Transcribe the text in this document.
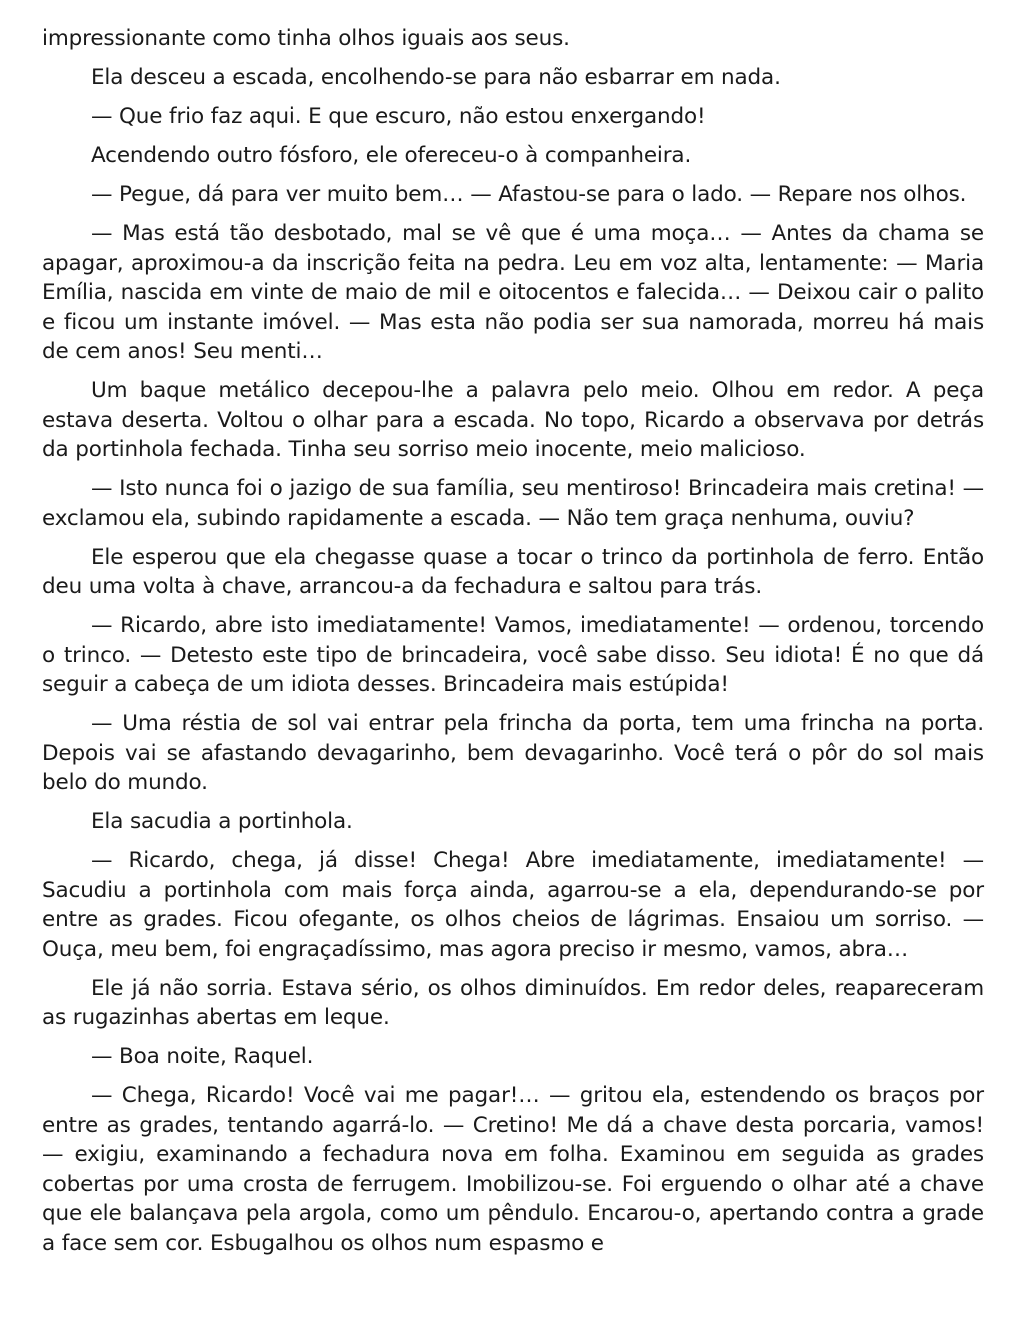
impressionante como tinha olhos iguais aos seus.

Ela desceu a escada, encolhendo-se para não esbarrar em nada.

— Que frio faz aqui. E que escuro, não estou enxergando!

Acendendo outro fósforo, ele ofereceu-o à companheira.

— Pegue, dá para ver muito bem… — Afastou-se para o lado. — Repare nos olhos.

— Mas está tão desbotado, mal se vê que é uma moça… — Antes da chama se apagar, aproximou-a da inscrição feita na pedra. Leu em voz alta, lentamente: — Maria Emília, nascida em vinte de maio de mil e oitocentos e falecida… — Deixou cair o palito e ficou um instante imóvel. — Mas esta não podia ser sua namorada, morreu há mais de cem anos! Seu menti…

Um baque metálico decepou-lhe a palavra pelo meio. Olhou em redor. A peça estava deserta. Voltou o olhar para a escada. No topo, Ricardo a observava por detrás da portinhola fechada. Tinha seu sorriso meio inocente, meio malicioso.

— Isto nunca foi o jazigo de sua família, seu mentiroso! Brincadeira mais cretina! — exclamou ela, subindo rapidamente a escada. — Não tem graça nenhuma, ouviu?

Ele esperou que ela chegasse quase a tocar o trinco da portinhola de ferro. Então deu uma volta à chave, arrancou-a da fechadura e saltou para trás.

— Ricardo, abre isto imediatamente! Vamos, imediatamente! — ordenou, torcendo o trinco. — Detesto este tipo de brincadeira, você sabe disso. Seu idiota! É no que dá seguir a cabeça de um idiota desses. Brincadeira mais estúpida!

— Uma réstia de sol vai entrar pela frincha da porta, tem uma frincha na porta. Depois vai se afastando devagarinho, bem devagarinho. Você terá o pôr do sol mais belo do mundo.

Ela sacudia a portinhola.

— Ricardo, chega, já disse! Chega! Abre imediatamente, imediatamente! — Sacudiu a portinhola com mais força ainda, agarrou-se a ela, dependurando-se por entre as grades. Ficou ofegante, os olhos cheios de lágrimas. Ensaiou um sorriso. — Ouça, meu bem, foi engraçadíssimo, mas agora preciso ir mesmo, vamos, abra…

Ele já não sorria. Estava sério, os olhos diminuídos. Em redor deles, reapareceram as rugazinhas abertas em leque.

— Boa noite, Raquel.

— Chega, Ricardo! Você vai me pagar!… — gritou ela, estendendo os braços por entre as grades, tentando agarrá-lo. — Cretino! Me dá a chave desta porcaria, vamos! — exigiu, examinando a fechadura nova em folha. Examinou em seguida as grades cobertas por uma crosta de ferrugem. Imobilizou-se. Foi erguendo o olhar até a chave que ele balançava pela argola, como um pêndulo. Encarou-o, apertando contra a grade a face sem cor. Esbugalhou os olhos num espasmo e
